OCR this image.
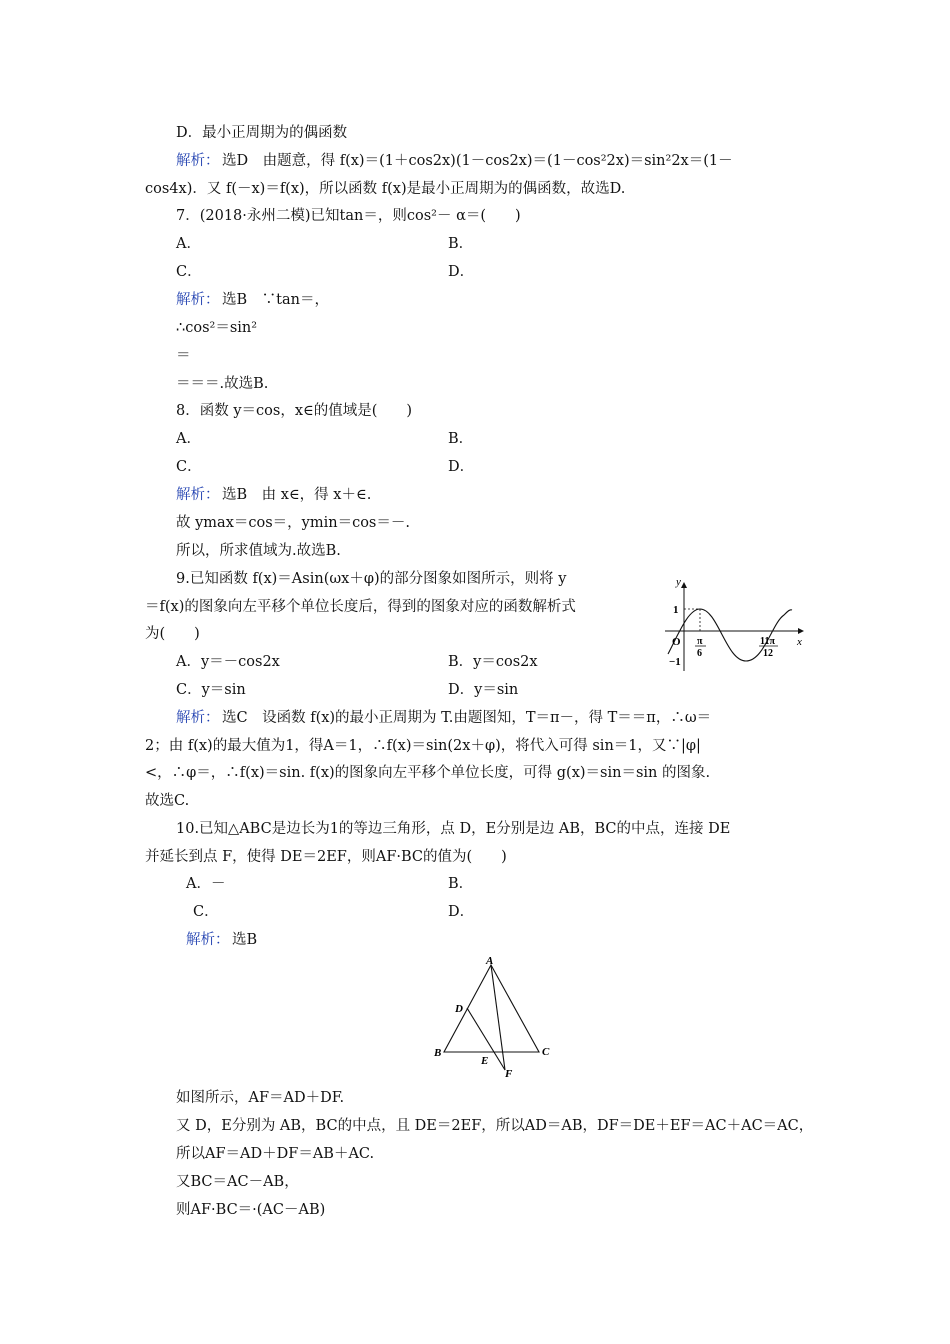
D．最小正周期为的偶函数
解析： 选D　由题意，得 f(x)＝(1＋cos2x)(1－cos2x)＝(1－cos²2x)＝sin²2x＝(1－
cos4x)．又 f(－x)＝f(x)，所以函数 f(x)是最小正周期为的偶函数，故选D.
7．(2018·永州二模)已知tan＝，则cos²－ α＝(　　)
A．	B．
C．	D．
解析： 选B　∵tan＝，
∴cos²＝sin²
＝
＝＝＝.故选B.
8．函数 y＝cos，x∈的值域是(　　)
A．	B．
C．	D．
解析： 选B　由 x∈，得 x＋∈.
故 ymax＝cos＝，ymin＝cos＝－.
所以，所求值域为.故选B.
9.已知函数 f(x)＝Asin(ωx＋φ)的部分图象如图所示，则将 y
＝f(x)的图象向左平移个单位长度后，得到的图象对应的函数解析式
为(　　)
A．y＝－cos2x	B．y＝cos2x
C．y＝sin	D．y＝sin
解析： 选C　设函数 f(x)的最小正周期为 T.由题图知，T＝π－，得 T＝＝π，∴ω＝
2；由 f(x)的最大值为1，得A＝1，∴f(x)＝sin(2x＋φ)，将代入可得 sin＝1，又∵|φ|
<，∴φ＝，∴f(x)＝sin. f(x)的图象向左平移个单位长度，可得 g(x)＝sin＝sin 的图象.
故选C.
y
x
O
1
−1
π
6
11π
12
10.已知△ABC是边长为1的等边三角形，点 D，E分别是边 AB，BC的中点，连接 DE
并延长到点 F，使得 DE＝2EF，则AF·BC的值为(　　)
A．－	B．
C．	D．
解析： 选B
A
B	C
D
E
F
如图所示，AF＝AD＋DF.
又 D，E分别为 AB，BC的中点，且 DE＝2EF，所以AD＝AB，DF＝DE＋EF＝AC＋AC＝AC，
所以AF＝AD＋DF＝AB＋AC.
又BC＝AC－AB，
则AF·BC＝·(AC－AB)
